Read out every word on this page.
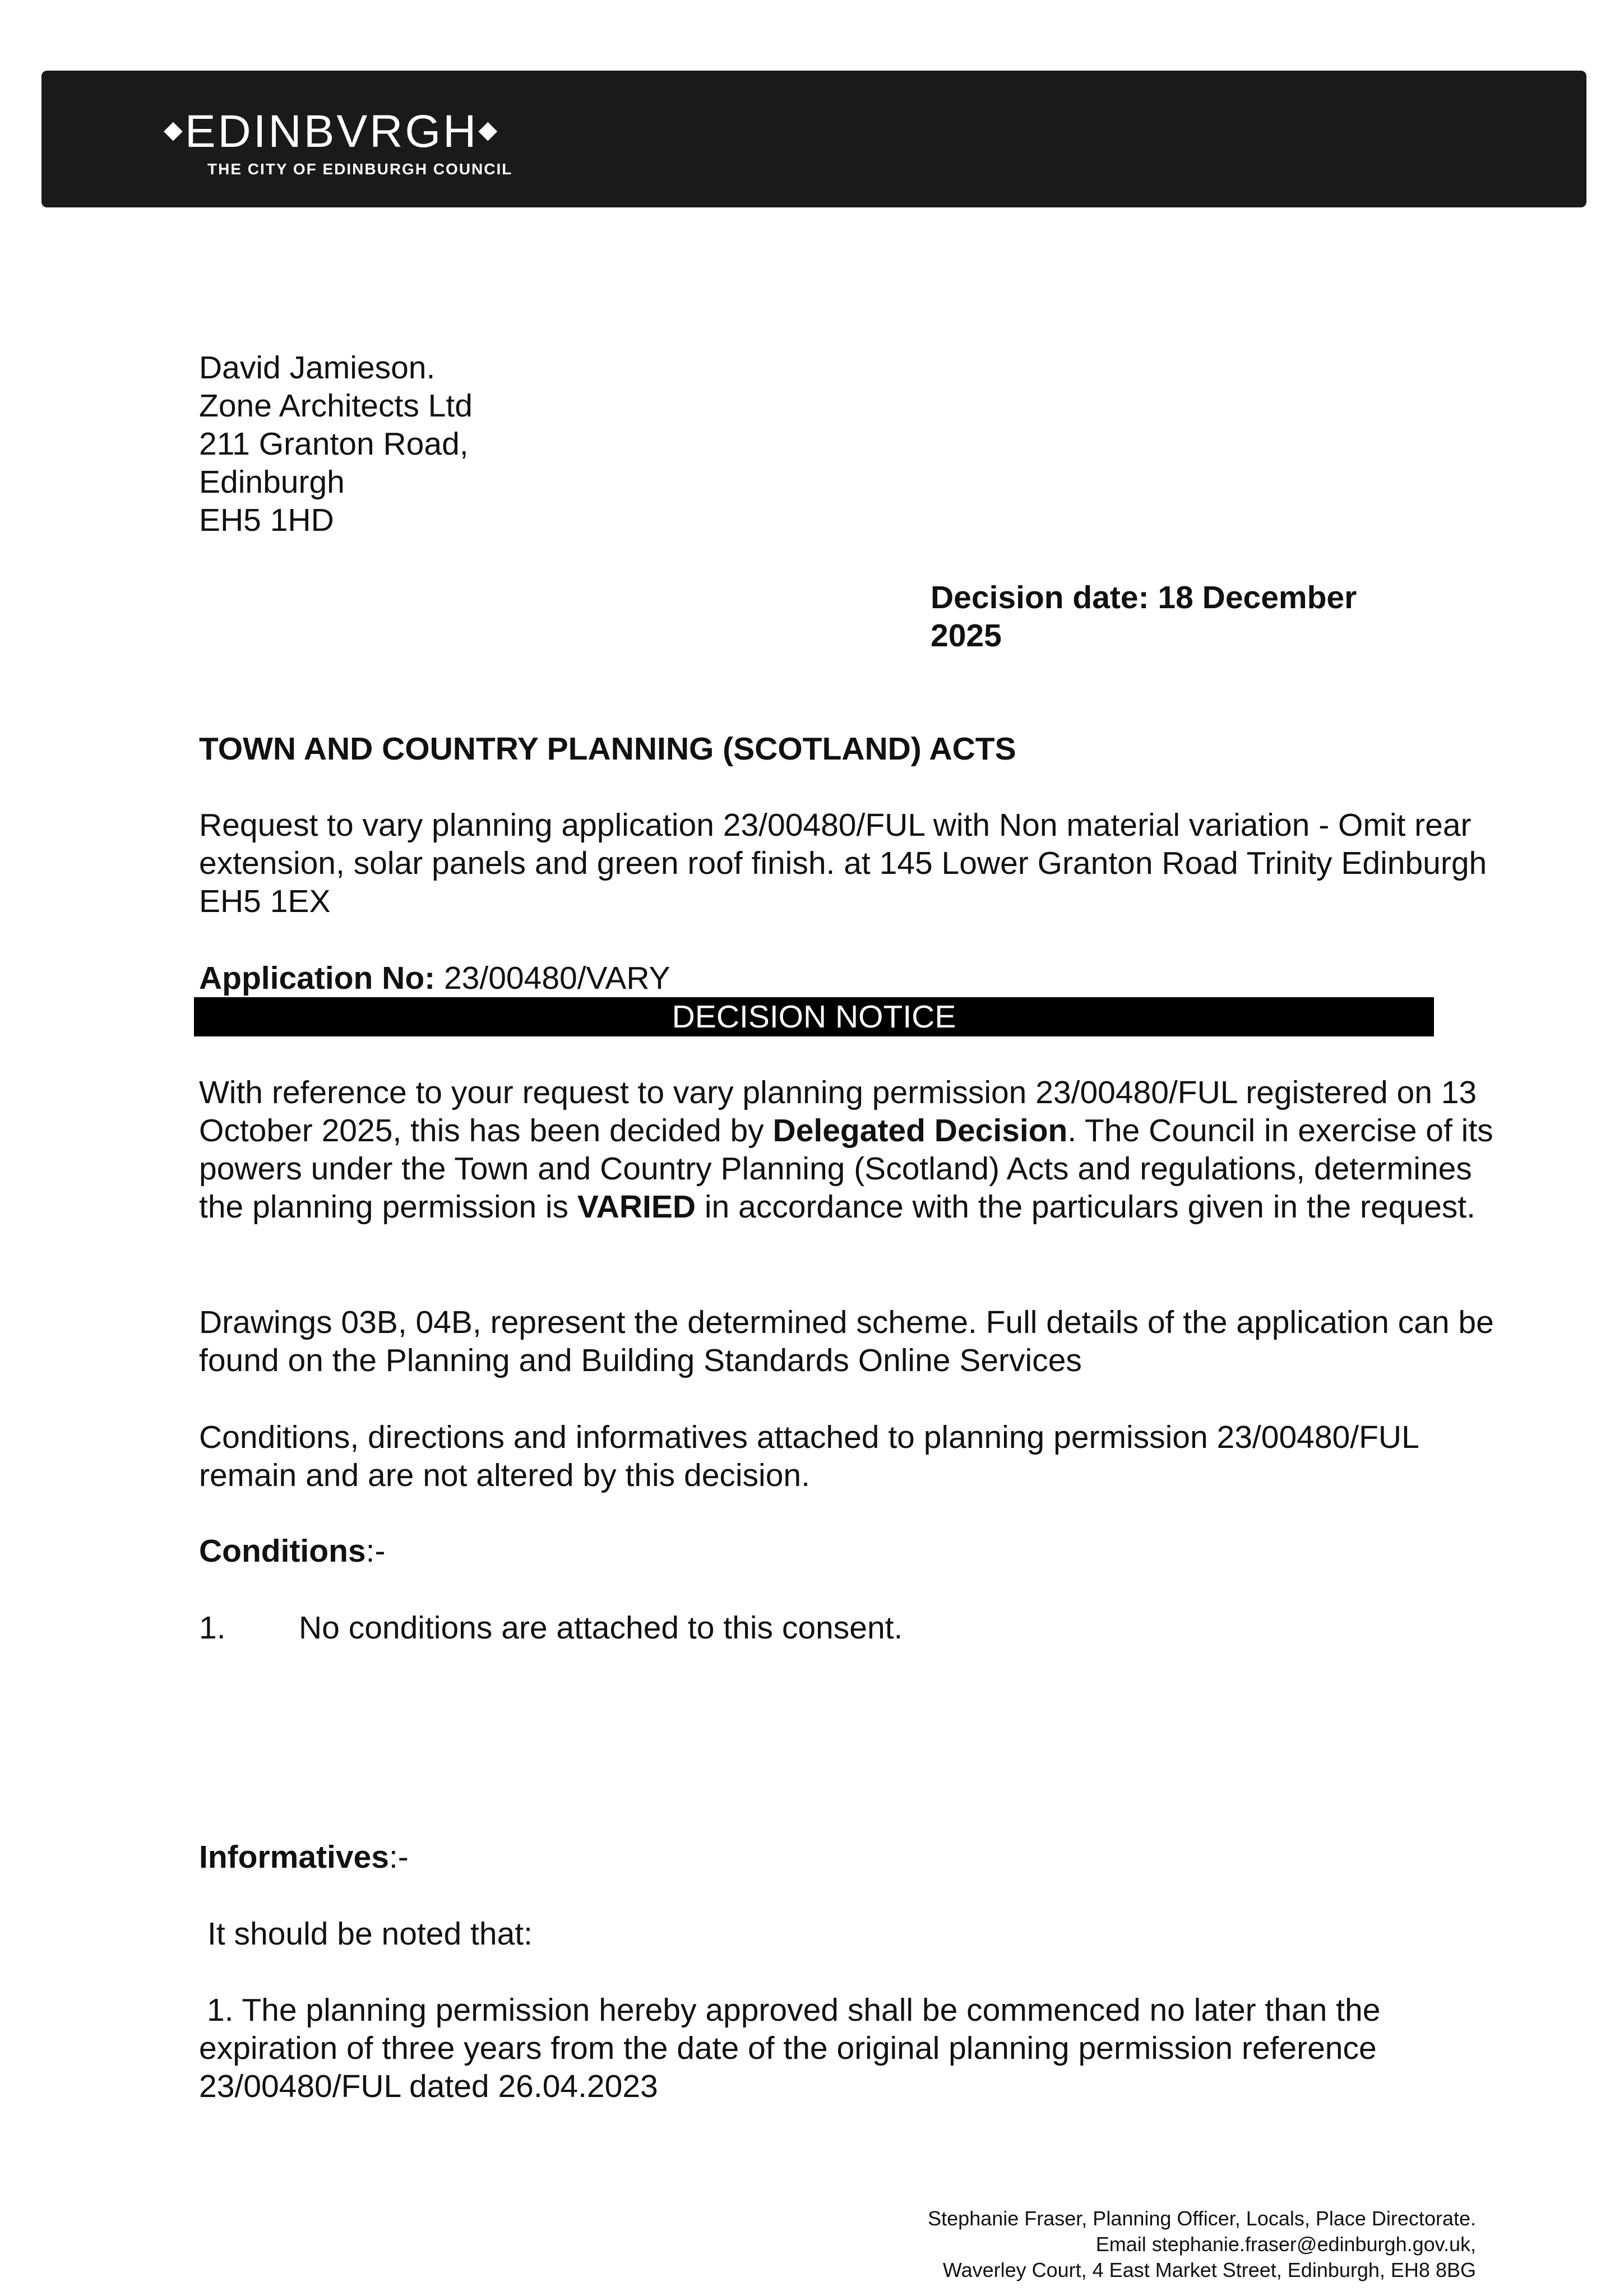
◆EDINBVRGH◆
THE CITY OF EDINBURGH COUNCIL
David Jamieson.
Zone Architects Ltd
211 Granton Road,
Edinburgh
EH5 1HD
Decision date: 18 December 2025
TOWN AND COUNTRY PLANNING (SCOTLAND) ACTS
Request to vary planning application 23/00480/FUL with Non material variation - Omit rear extension, solar panels and green roof finish. at 145 Lower Granton Road Trinity Edinburgh EH5 1EX
Application No: 23/00480/VARY
DECISION NOTICE
With reference to your request to vary planning permission 23/00480/FUL registered on 13 October 2025, this has been decided by Delegated Decision. The Council in exercise of its powers under the Town and Country Planning (Scotland) Acts and regulations, determines the planning permission is VARIED in accordance with the particulars given in the request.
Drawings 03B, 04B, represent the determined scheme. Full details of the application can be found on the Planning and Building Standards Online Services
Conditions, directions and informatives attached to planning permission 23/00480/FUL remain and are not altered by this decision.
Conditions:-
1. No conditions are attached to this consent.
Informatives:-
It should be noted that:
1. The planning permission hereby approved shall be commenced no later than the expiration of three years from the date of the original planning permission reference 23/00480/FUL dated 26.04.2023
Stephanie Fraser, Planning Officer, Locals, Place Directorate.
Email stephanie.fraser@edinburgh.gov.uk,
Waverley Court, 4 East Market Street, Edinburgh, EH8 8BG
